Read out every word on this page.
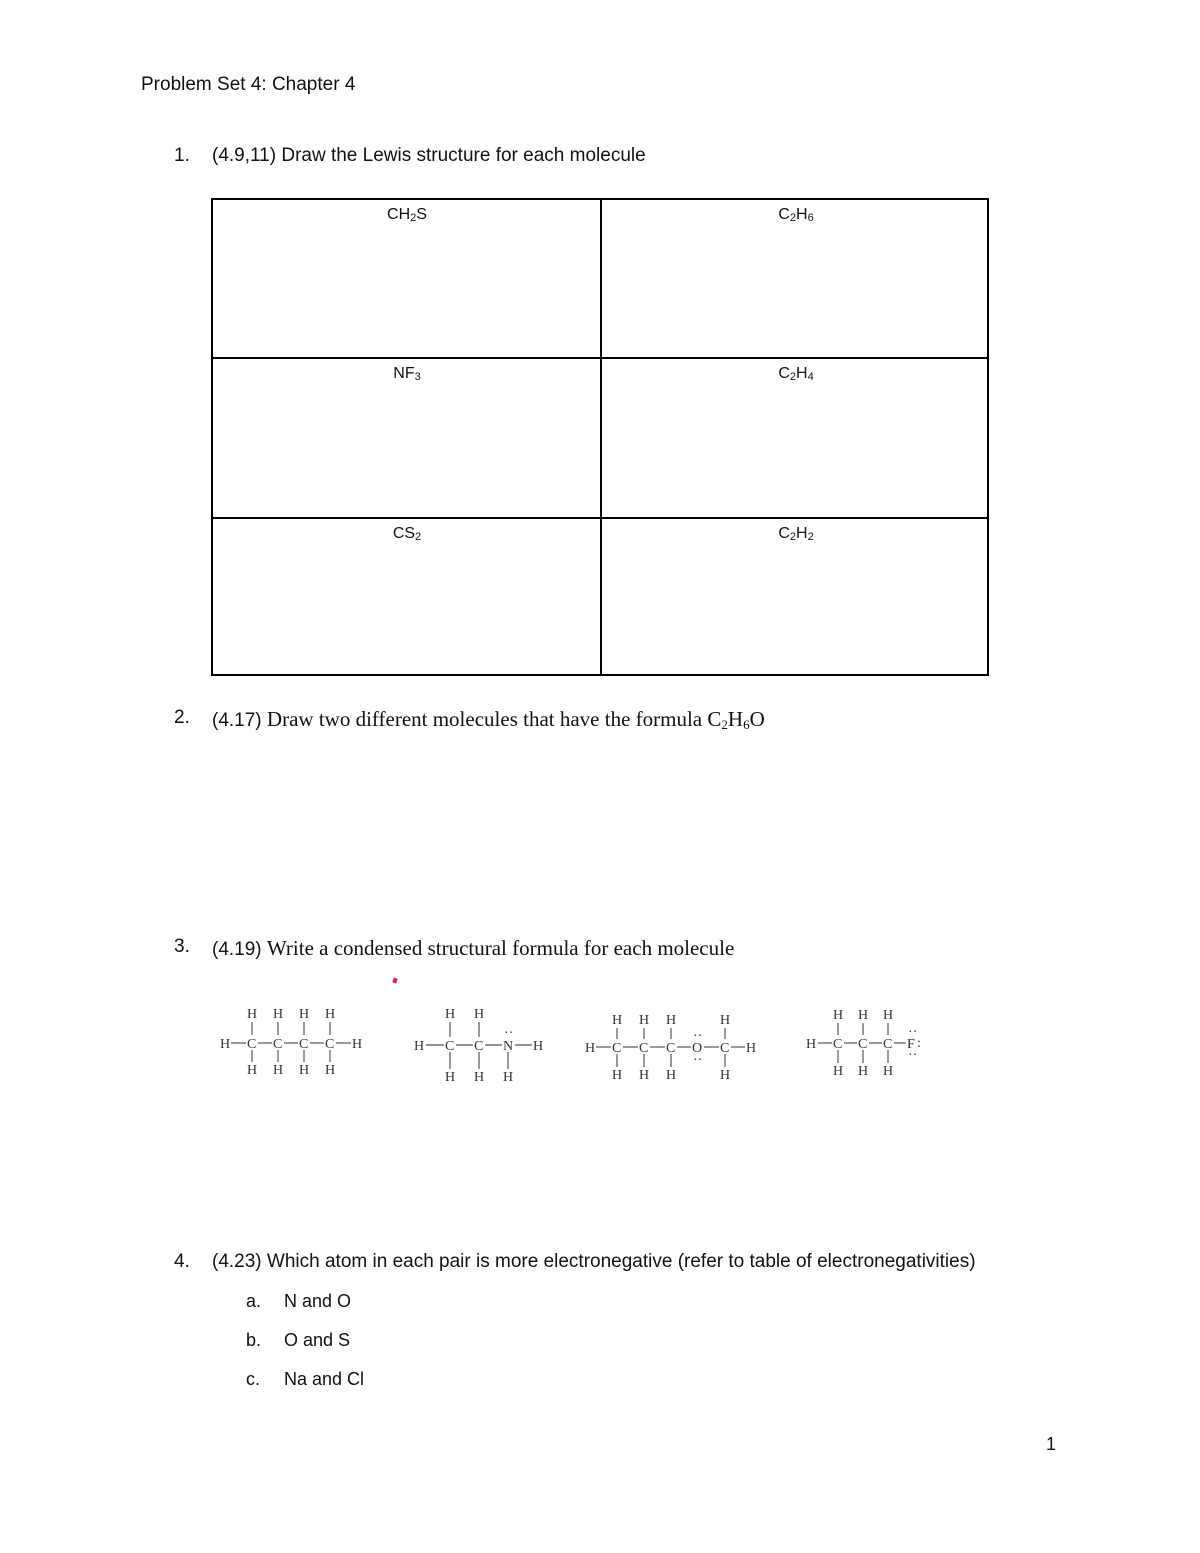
Problem Set 4: Chapter 4
1. (4.9,11) Draw the Lewis structure for each molecule
CH2S	C2H6
NF3	C2H4
CS2	C2H2
2. (4.17) Draw two different molecules that have the formula C2H6O
3. (4.19) Write a condensed structural formula for each molecule
H H H H
H C C C C H
H H H H
H H
H C C N
··
H
H H H
H H H	H
H C C C O
··
··
C H
H H H	H
H H H
H C C C F
··
··
:
H H H
4. (4.23) Which atom in each pair is more electronegative (refer to table of electronegativities)
a. N and O
b. O and S
c. Na and Cl
1
